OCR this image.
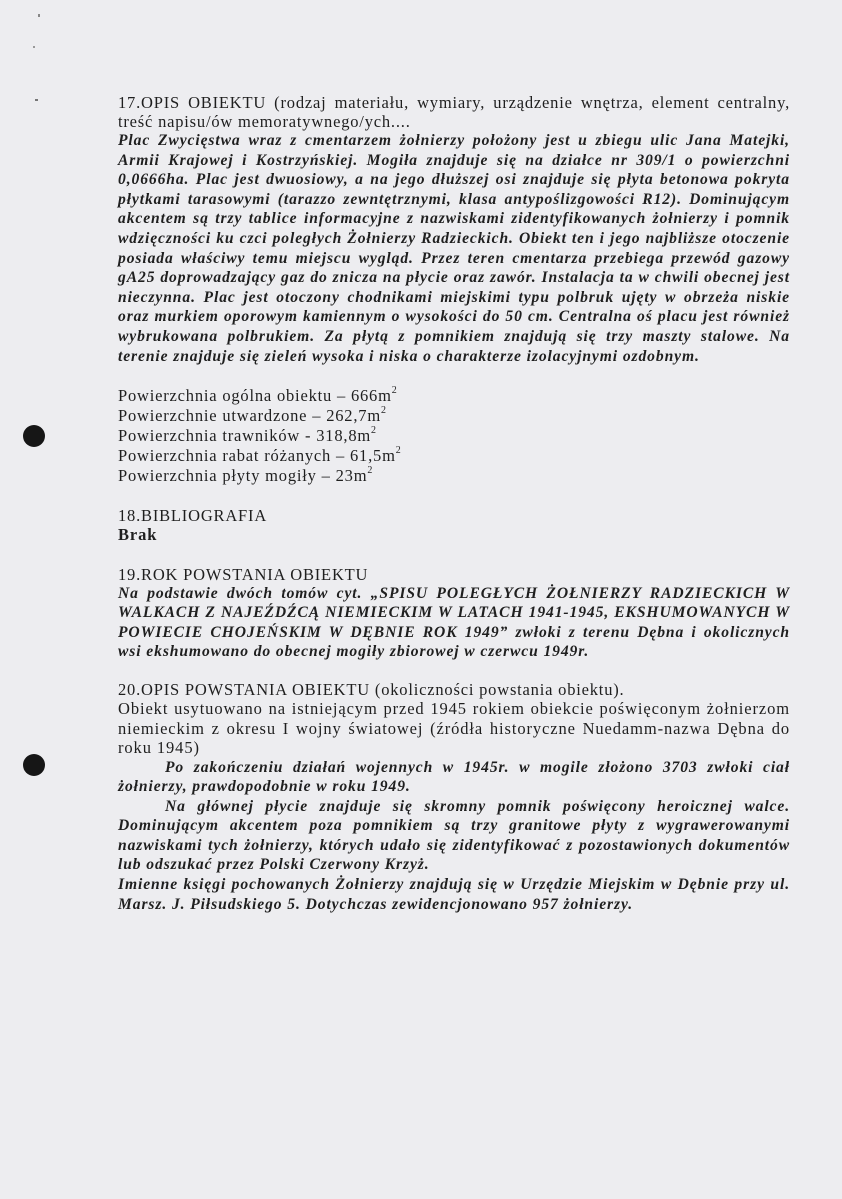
17.OPIS OBIEKTU (rodzaj materiału, wymiary, urządzenie wnętrza, element centralny, treść napisu/ów memoratywnego/ych....

Plac Zwycięstwa wraz z cmentarzem żołnierzy położony jest u zbiegu ulic Jana Matejki, Armii Krajowej i Kostrzyńskiej. Mogiła znajduje się na działce nr 309/1 o powierzchni 0,0666ha. Plac jest dwuosiowy, a na jego dłuższej osi znajduje się płyta betonowa pokryta płytkami tarasowymi (tarazzo zewntętrznymi, klasa antypoślizgowości R12). Dominującym akcentem są trzy tablice informacyjne z nazwiskami zidentyfikowanych żołnierzy i pomnik wdzięczności ku czci poległych Żołnierzy Radzieckich. Obiekt ten i jego najbliższe otoczenie posiada właściwy temu miejscu wygląd. Przez teren cmentarza przebiega przewód gazowy gA25 doprowadzający gaz do znicza na płycie oraz zawór. Instalacja ta w chwili obecnej jest nieczynna. Plac jest otoczony chodnikami miejskimi typu polbruk ujęty w obrzeża niskie oraz murkiem oporowym kamiennym o wysokości do 50 cm. Centralna oś placu jest również wybrukowana polbrukiem. Za płytą z pomnikiem znajdują się trzy maszty stalowe. Na terenie znajduje się zieleń wysoka i niska o charakterze izolacyjnymi ozdobnym.

Powierzchnia ogólna obiektu – $666m^2$

Powierzchnie utwardzone – $262,7m^2$

Powierzchnia trawników - $318,8m^2$

Powierzchnia rabat różanych – $61,5m^2$

Powierzchnia płyty mogiły – $23m^2$

18.BIBLIOGRAFIA

Brak

19.ROK POWSTANIA OBIEKTU

Na podstawie dwóch tomów cyt. „SPISU POLEGŁYCH ŻOŁNIERZY RADZIECKICH W WALKACH Z NAJEŹDŹCĄ NIEMIECKIM W LATACH 1941-1945, EKSHUMOWANYCH W POWIECIE CHOJEŃSKIM W DĘBNIE ROK 1949” zwłoki z terenu Dębna i okolicznych wsi ekshumowano do obecnej mogiły zbiorowej w czerwcu 1949r.

20.OPIS POWSTANIA OBIEKTU (okoliczności powstania obiektu).

Obiekt usytuowano na istniejącym przed 1945 rokiem obiekcie poświęconym żołnierzom niemieckim z okresu I wojny światowej (źródła historyczne Nuedamm-nazwa Dębna do roku 1945)

Po zakończeniu działań wojennych w 1945r. w mogile złożono 3703 zwłoki ciał żołnierzy, prawdopodobnie w roku 1949.

Na głównej płycie znajduje się skromny pomnik poświęcony heroicznej walce. Dominującym akcentem poza pomnikiem są trzy granitowe płyty z wygrawerowanymi nazwiskami tych żołnierzy, których udało się zidentyfikować z pozostawionych dokumentów lub odszukać przez Polski Czerwony Krzyż.

Imienne księgi pochowanych Żołnierzy znajdują się w Urzędzie Miejskim w Dębnie przy ul. Marsz. J. Piłsudskiego 5. Dotychczas zewidencjonowano 957 żołnierzy.
